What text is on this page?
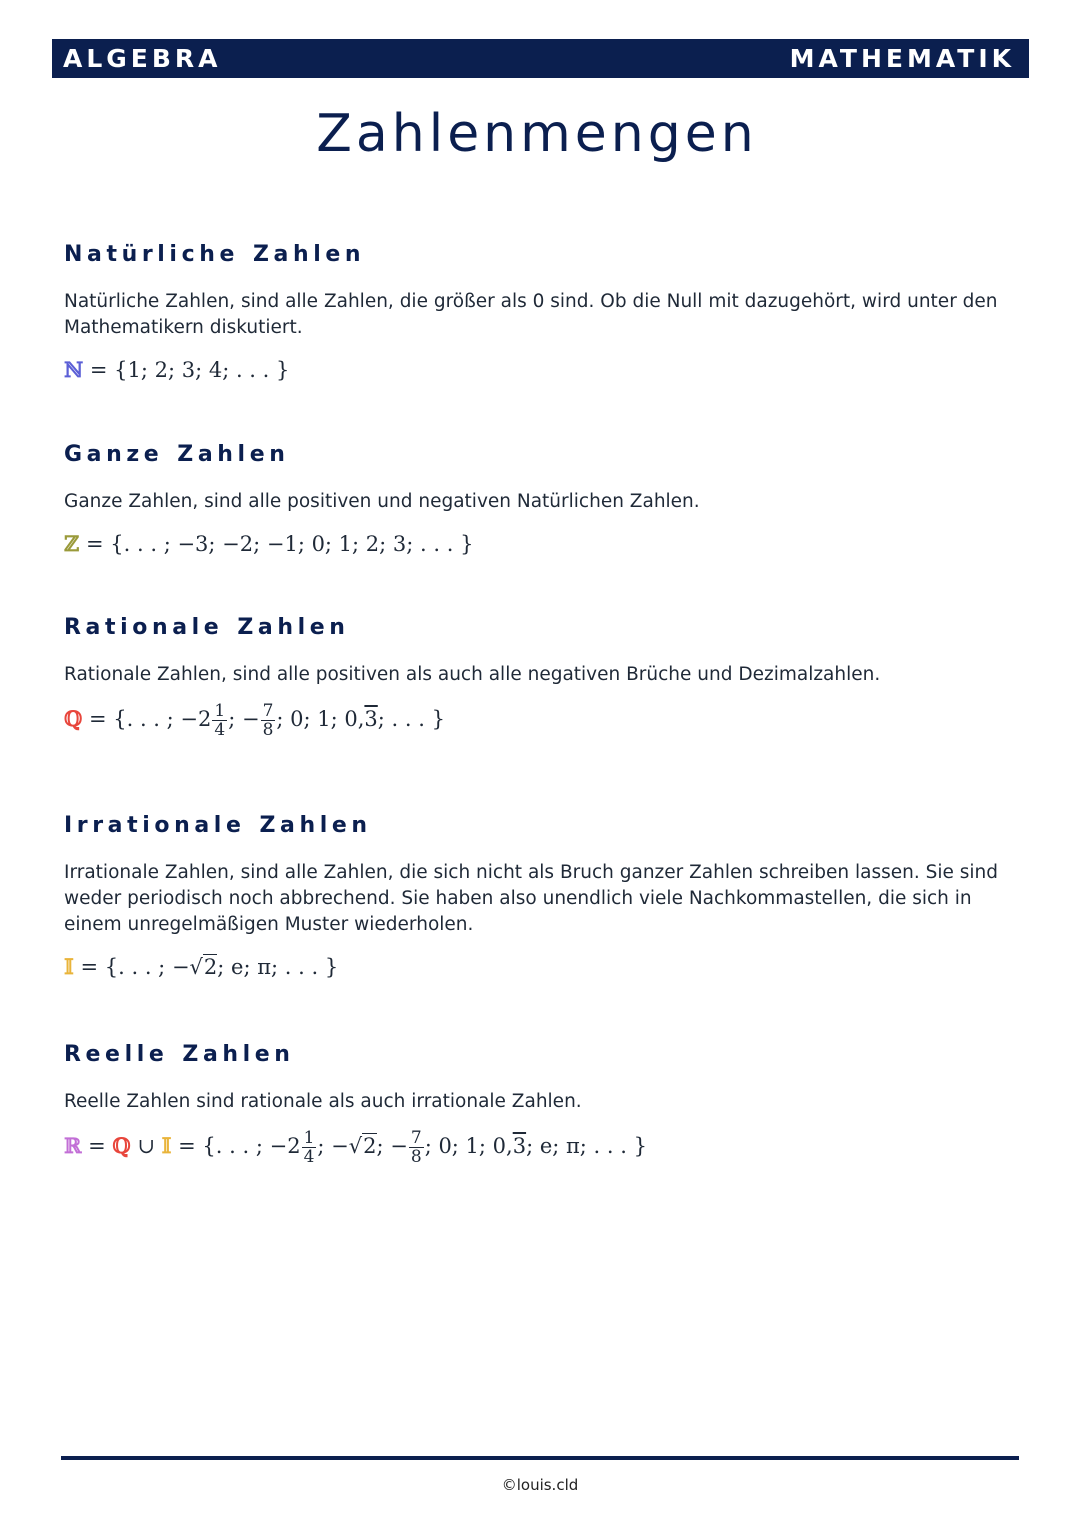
ALGEBRA	MATHEMATIK
Zahlenmengen
Natürliche Zahlen

Natürliche Zahlen, sind alle Zahlen, die größer als 0 sind. Ob die Null mit dazugehört, wird unter den Mathematikern diskutiert.

ℕ = {1; 2; 3; 4; . . . }
Ganze Zahlen

Ganze Zahlen, sind alle positiven und negativen Natürlichen Zahlen.

ℤ = {. . . ; −3; −2; −1; 0; 1; 2; 3; . . . }
Rationale Zahlen

Rationale Zahlen, sind alle positiven als auch alle negativen Brüche und Dezimalzahlen.

ℚ = {. . . ; $-2 \frac{1}{4}$ ; − $\frac{7}{8}$ ; 0; 1; 0,3; . . . }
Irrationale Zahlen

Irrationale Zahlen, sind alle Zahlen, die sich nicht als Bruch ganzer Zahlen schreiben lassen. Sie sind weder periodisch noch abbrechend. Sie haben also unendlich viele Nachkommastellen, die sich in einem unregelmäßigen Muster wiederholen.

𝕀 = {. . . ; −√2; e; π; . . . }
Reelle Zahlen

Reelle Zahlen sind rationale als auch irrationale Zahlen.

ℝ = ℚ ∪ 𝕀 = {. . . ; $-2 \frac{1}{4}$ ; −√2; − $\frac{7}{8}$ ; 0; 1; 0,3; e; π; . . . }
©louis.cld
